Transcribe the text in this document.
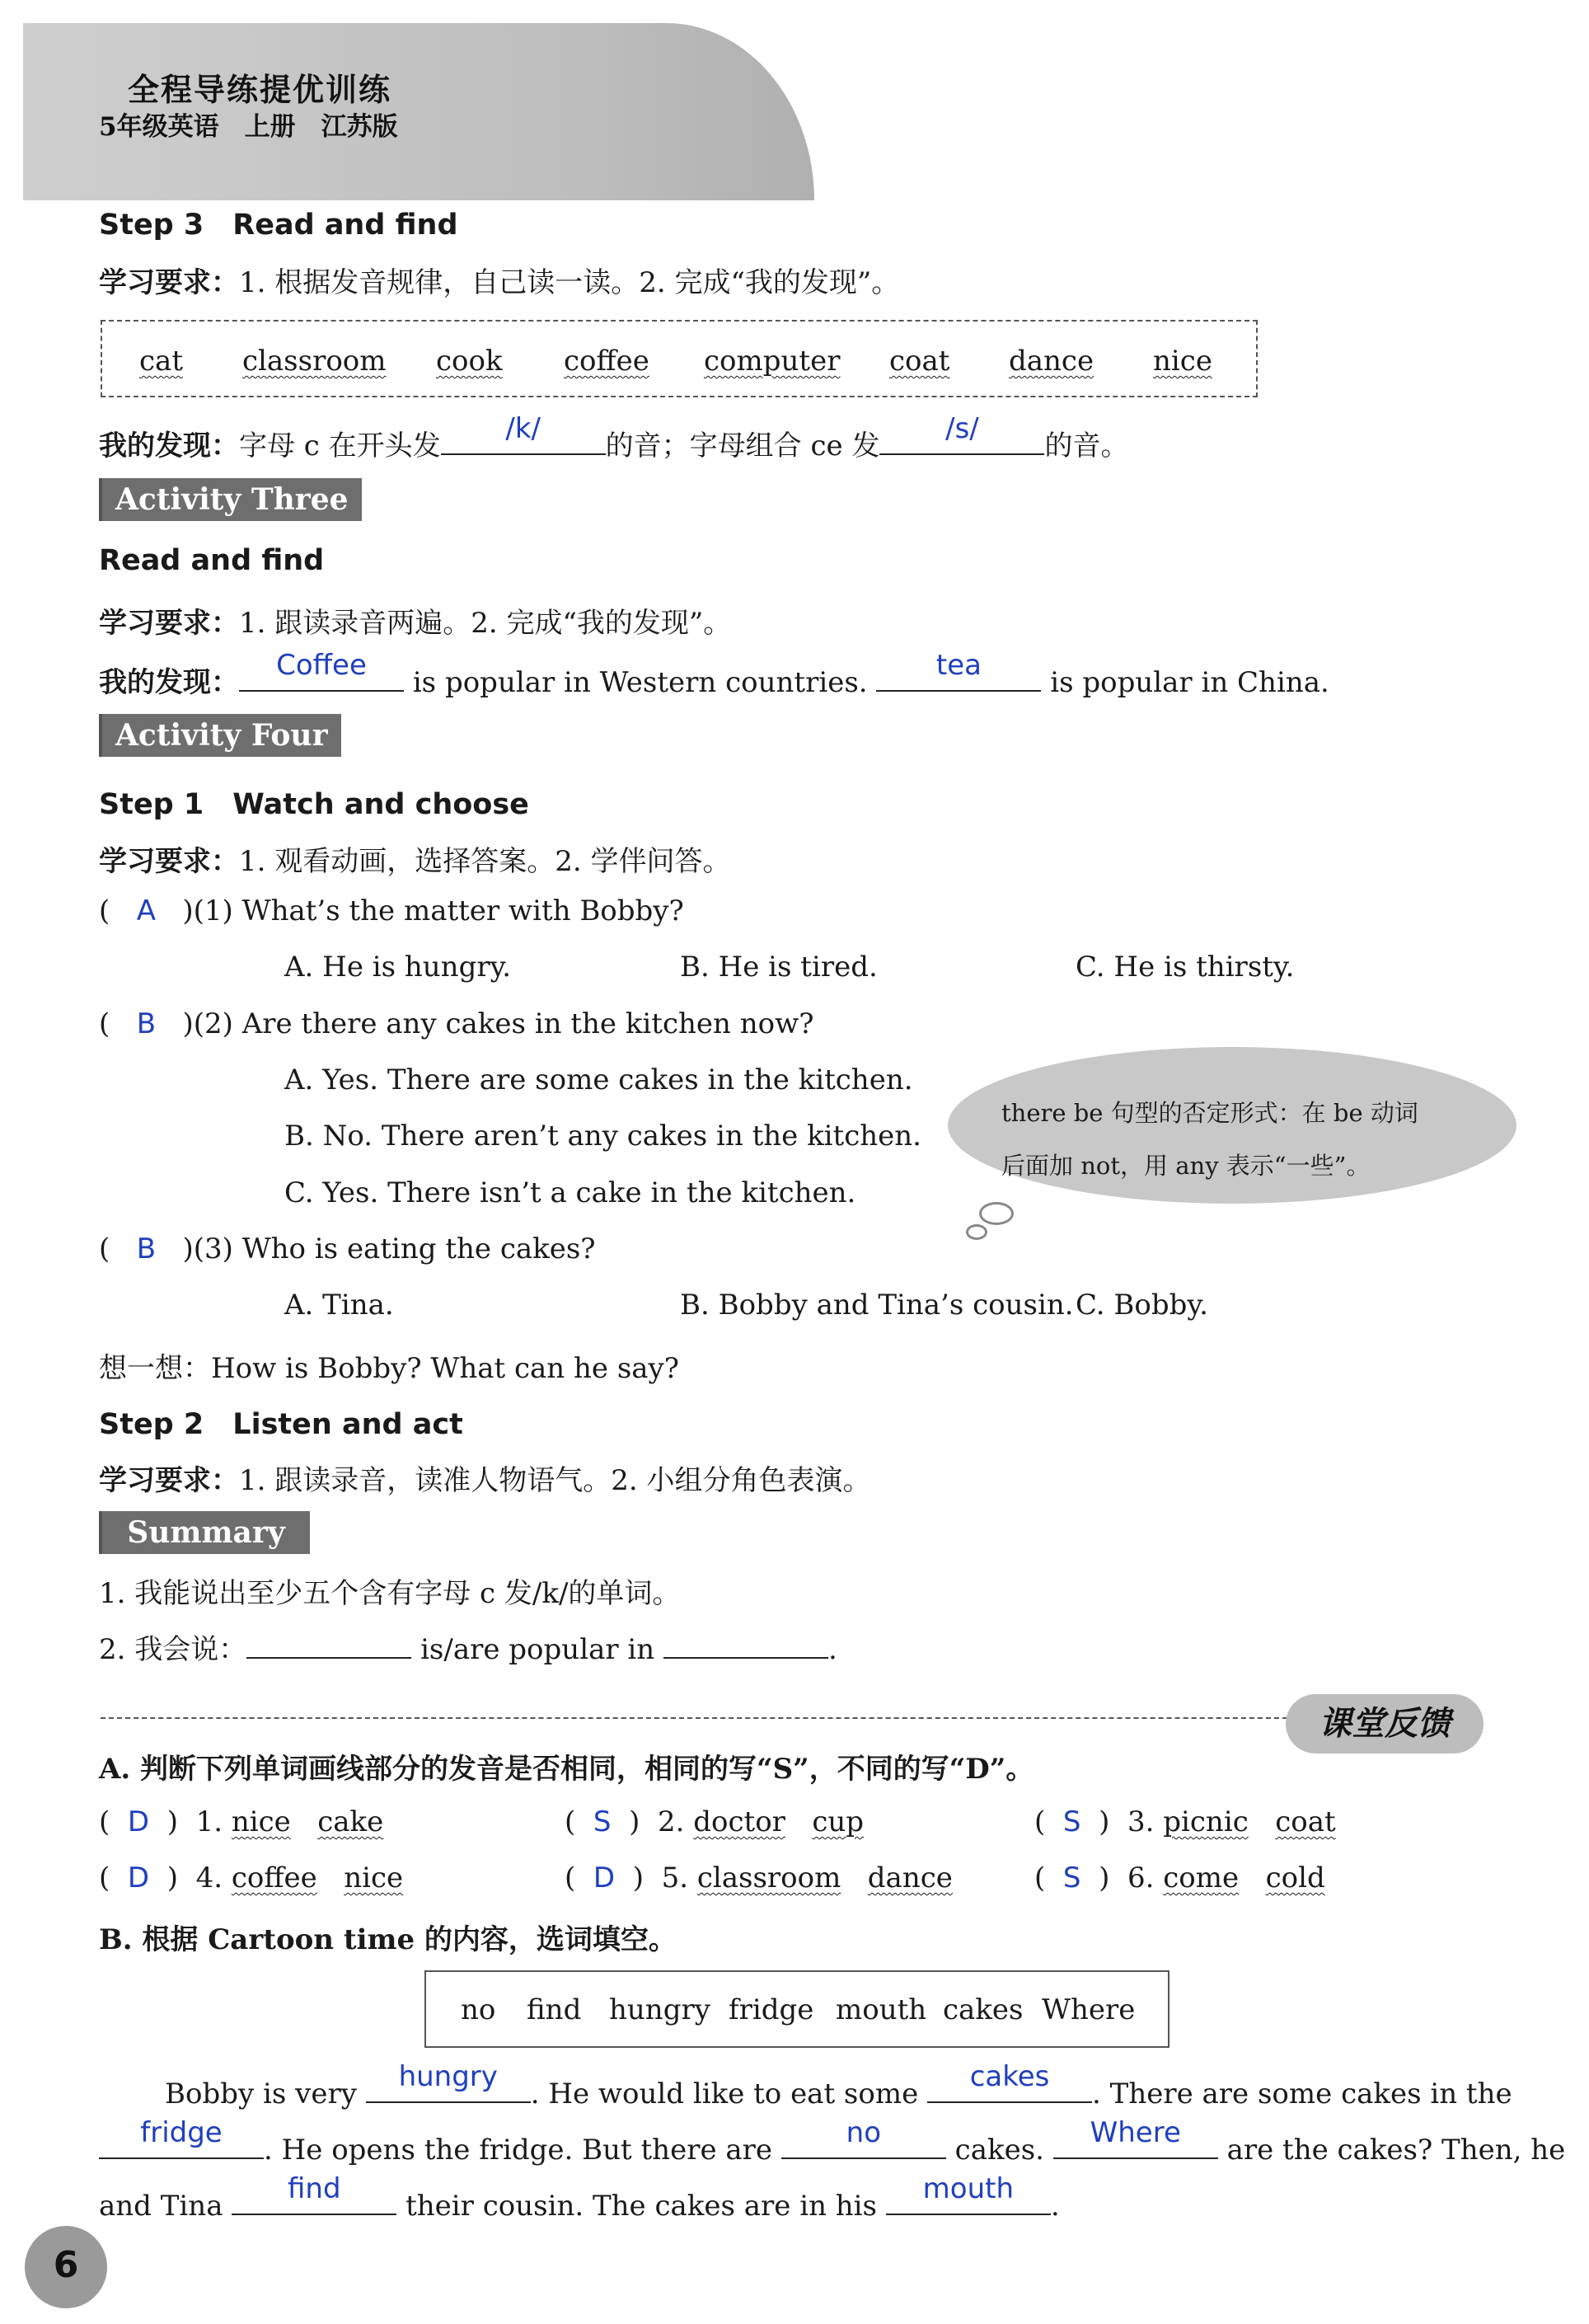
全程导练提优训练
5年级英语　上册　江苏版
Step 3　Read and find
学习要求：1. 根据发音规律，自己读一读。2. 完成“我的发现”。
cat classroom cook coffee computer coat dance nice
我的发现：字母 c 在开头发
/k/
的音；字母组合 ce 发
/s/
的音。
Activity Three
Read and find
学习要求：1. 跟读录音两遍。2. 完成“我的发现”。
我的发现：
Coffee
is popular in Western countries.
tea
is popular in China.
Activity Four
Step 1　Watch and choose
学习要求：1. 观看动画，选择答案。2. 学伴问答。
(   A   )(1) What’s the matter with Bobby?
A. He is hungry.	B. He is tired.	C. He is thirsty.
(   B   )(2) Are there any cakes in the kitchen now?
A. Yes. There are some cakes in the kitchen.
B. No. There aren’t any cakes in the kitchen.
C. Yes. There isn’t a cake in the kitchen.
there be 句型的否定形式：在 be 动词
后面加 not，用 any 表示“一些”。
(   B   )(3) Who is eating the cakes?
A. Tina.	B. Bobby and Tina’s cousin. C. Bobby.
想一想：How is Bobby? What can he say?
Step 2　Listen and act
学习要求：1. 跟读录音，读准人物语气。2. 小组分角色表演。
Summary
1. 我能说出至少五个含有字母 c 发/k/的单词。
2. 我会说：	is/are popular in	.
课堂反馈
A. 判断下列单词画线部分的发音是否相同，相同的写“S”，不同的写“D”。
(  D  )  1. nice cake	(  S  )  2. doctor cup	(  S  )  3. picnic coat
(  D  )  4. coffee nice	(  D  )  5. classroom dance	(  S  )  6. come cold
B. 根据 Cartoon time 的内容，选词填空。
no find hungry fridge mouth cakes Where
Bobby is very
hungry
. He would like to eat some
cakes
. There are some cakes in the
fridge
. He opens the fridge. But there are
no
cakes.
Where
are the cakes? Then, he
and Tina
find
their cousin. The cakes are in his
mouth
.
6
